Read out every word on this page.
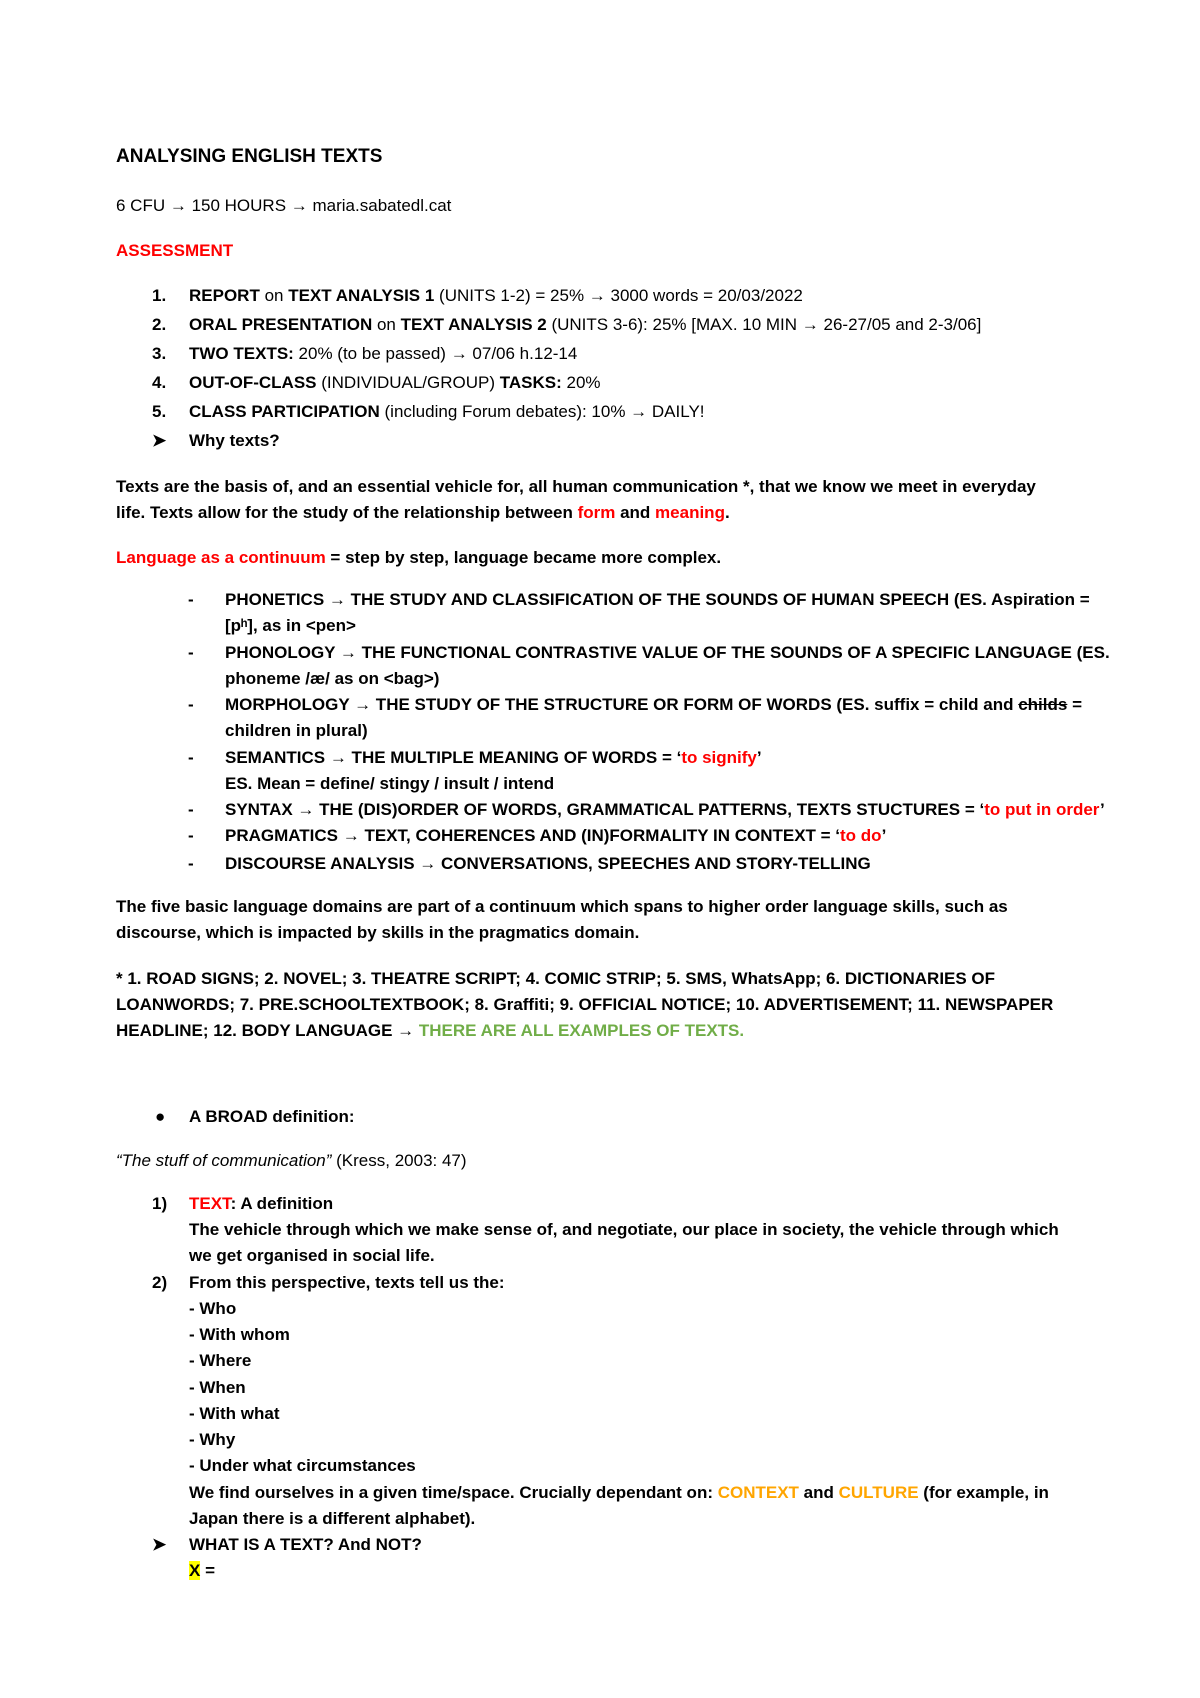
ANALYSING ENGLISH TEXTS
6 CFU → 150 HOURS → maria.sabatedl.cat
ASSESSMENT
1. REPORT on TEXT ANALYSIS 1 (UNITS 1-2) = 25% → 3000 words = 20/03/2022
2. ORAL PRESENTATION on TEXT ANALYSIS 2 (UNITS 3-6): 25% [MAX. 10 MIN → 26-27/05 and 2-3/06]
3. TWO TEXTS: 20% (to be passed) → 07/06 h.12-14
4. OUT-OF-CLASS (INDIVIDUAL/GROUP) TASKS: 20%
5. CLASS PARTICIPATION (including Forum debates): 10% → DAILY!
➤ Why texts?
Texts are the basis of, and an essential vehicle for, all human communication *, that we know we meet in everyday
life. Texts allow for the study of the relationship between form and meaning.
Language as a continuum = step by step, language became more complex.
- PHONETICS → THE STUDY AND CLASSIFICATION OF THE SOUNDS OF HUMAN SPEECH (ES. Aspiration =
[pʰ], as in <pen>
- PHONOLOGY → THE FUNCTIONAL CONTRASTIVE VALUE OF THE SOUNDS OF A SPECIFIC LANGUAGE (ES.
phoneme /æ/ as on <bag>)
- MORPHOLOGY → THE STUDY OF THE STRUCTURE OR FORM OF WORDS (ES. suffix = child and childs =
children in plural)
- SEMANTICS → THE MULTIPLE MEANING OF WORDS = ‘to signify’
ES. Mean = define/ stingy / insult / intend
- SYNTAX → THE (DIS)ORDER OF WORDS, GRAMMATICAL PATTERNS, TEXTS STUCTURES = ‘to put in order’
- PRAGMATICS → TEXT, COHERENCES AND (IN)FORMALITY IN CONTEXT = ‘to do’
- DISCOURSE ANALYSIS → CONVERSATIONS, SPEECHES AND STORY-TELLING
The five basic language domains are part of a continuum which spans to higher order language skills, such as
discourse, which is impacted by skills in the pragmatics domain.
* 1. ROAD SIGNS; 2. NOVEL; 3. THEATRE SCRIPT; 4. COMIC STRIP; 5. SMS, WhatsApp; 6. DICTIONARIES OF
LOANWORDS; 7. PRE.SCHOOLTEXTBOOK; 8. Graffiti; 9. OFFICIAL NOTICE; 10. ADVERTISEMENT; 11. NEWSPAPER
HEADLINE; 12. BODY LANGUAGE → THERE ARE ALL EXAMPLES OF TEXTS.
● A BROAD definition:
“The stuff of communication” (Kress, 2003: 47)
1) TEXT: A definition
The vehicle through which we make sense of, and negotiate, our place in society, the vehicle through which
we get organised in social life.
2) From this perspective, texts tell us the:
- Who
- With whom
- Where
- When
- With what
- Why
- Under what circumstances
We find ourselves in a given time/space. Crucially dependant on: CONTEXT and CULTURE (for example, in
Japan there is a different alphabet).
➤ WHAT IS A TEXT? And NOT?
X =
